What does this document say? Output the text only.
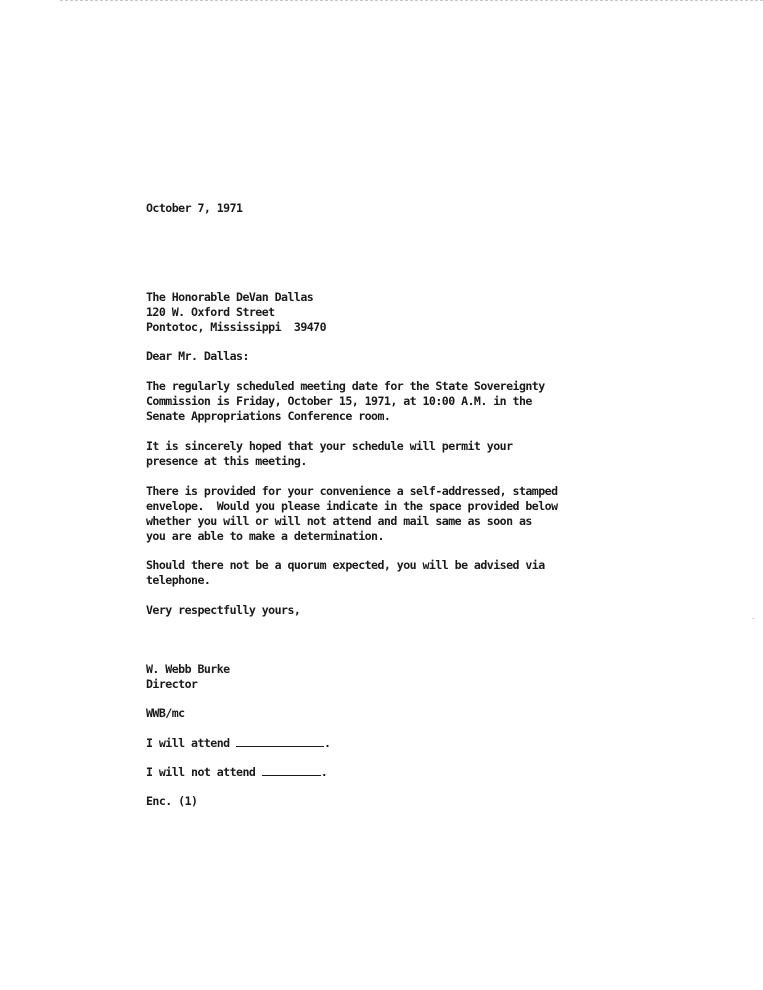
October 7, 1971

The Honorable DeVan Dallas

120 W. Oxford Street

Pontotoc, Mississippi  39470

Dear Mr. Dallas:

The regularly scheduled meeting date for the State Sovereignty

Commission is Friday, October 15, 1971, at 10:00 A.M. in the

Senate Appropriations Conference room.

It is sincerely hoped that your schedule will permit your

presence at this meeting.

There is provided for your convenience a self-addressed, stamped

envelope.  Would you please indicate in the space provided below

whether you will or will not attend and mail same as soon as

you are able to make a determination.

Should there not be a quorum expected, you will be advised via

telephone.

Very respectfully yours,

W. Webb Burke

Director

WWB/mc

I will attend	.

I will not attend	.

Enc. (1)
